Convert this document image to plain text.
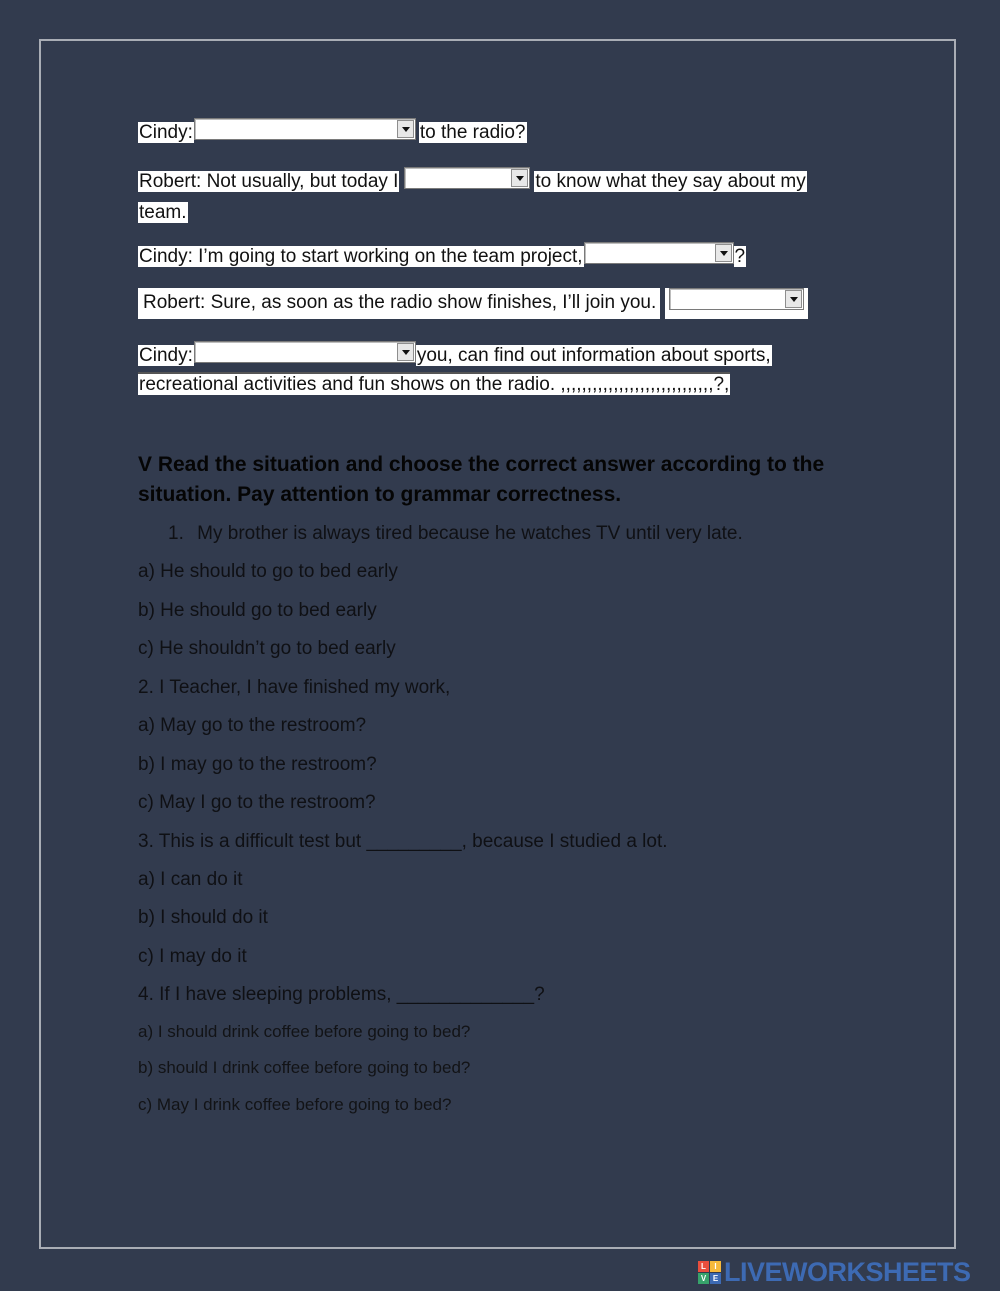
Cindy:	to the radio?
Robert: Not usually, but today I	to know what they say about my
team.
Cindy: I’m going to start working on the team project,	?
Robert: Sure, as soon as the radio show finishes, I’ll join you.
Cindy:	you, can find out information about sports,
recreational activities and fun shows on the radio. ,,,,,,,,,,,,,,,,,,,,,,,,,,,,,?,
V Read the situation and choose the correct answer according to the situation. Pay attention to grammar correctness.
1. My brother is always tired because he watches TV until very late.
a) He should to go to bed early
b) He should go to bed early
c) He shouldn’t go to bed early
2. I Teacher, I have finished my work,
a) May go to the restroom?
b) I may go to the restroom?
c) May I go to the restroom?
3. This is a difficult test but _________, because I studied a lot.
a) I can do it
b) I should do it
c) I may do it
4. If I have sleeping problems, _____________?
a) I should drink coffee before going to bed?
b) should I drink coffee before going to bed?
c) May I drink coffee before going to bed?
L	I
V E LIVEWORKSHEETS
